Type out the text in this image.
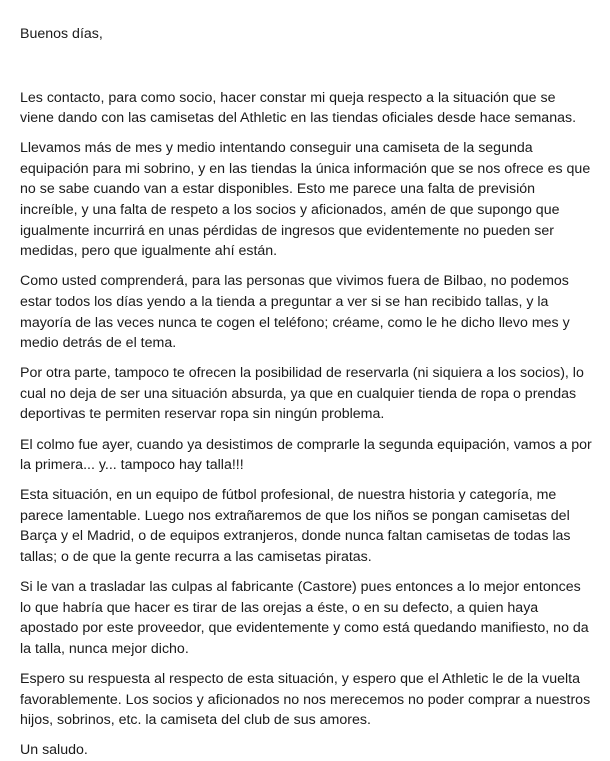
Buenos días,

Les contacto, para como socio, hacer constar mi queja respecto a la situación que se viene dando con las camisetas del Athletic en las tiendas oficiales desde hace semanas.

Llevamos más de mes y medio intentando conseguir una camiseta de la segunda equipación para mi sobrino, y en las tiendas la única información que se nos ofrece es que no se sabe cuando van a estar disponibles. Esto me parece una falta de previsión increíble, y una falta de respeto a los socios y aficionados, amén de que supongo que igualmente incurrirá en unas pérdidas de ingresos que evidentemente no pueden ser medidas, pero que igualmente ahí están.

Como usted comprenderá, para las personas que vivimos fuera de Bilbao, no podemos estar todos los días yendo a la tienda a preguntar a ver si se han recibido tallas, y la mayoría de las veces nunca te cogen el teléfono; créame, como le he dicho llevo mes y medio detrás de el tema.

Por otra parte, tampoco te ofrecen la posibilidad de reservarla (ni siquiera a los socios), lo cual no deja de ser una situación absurda, ya que en cualquier tienda de ropa o prendas deportivas te permiten reservar ropa sin ningún problema.

El colmo fue ayer, cuando ya desistimos de comprarle la segunda equipación, vamos a por la primera... y... tampoco hay talla!!!

Esta situación, en un equipo de fútbol profesional, de nuestra historia y categoría, me parece lamentable. Luego nos extrañaremos de que los niños se pongan camisetas del Barça y el Madrid, o de equipos extranjeros, donde nunca faltan camisetas de todas las tallas; o de que la gente recurra a las camisetas piratas.

Si le van a trasladar las culpas al fabricante (Castore) pues entonces a lo mejor entonces lo que habría que hacer es tirar de las orejas a éste, o en su defecto, a quien haya apostado por este proveedor, que evidentemente y como está quedando manifiesto, no da la talla, nunca mejor dicho.

Espero su respuesta al respecto de esta situación, y espero que el Athletic le de la vuelta favorablemente. Los socios y aficionados no nos merecemos no poder comprar a nuestros hijos, sobrinos, etc. la camiseta del club de sus amores.

Un saludo.
